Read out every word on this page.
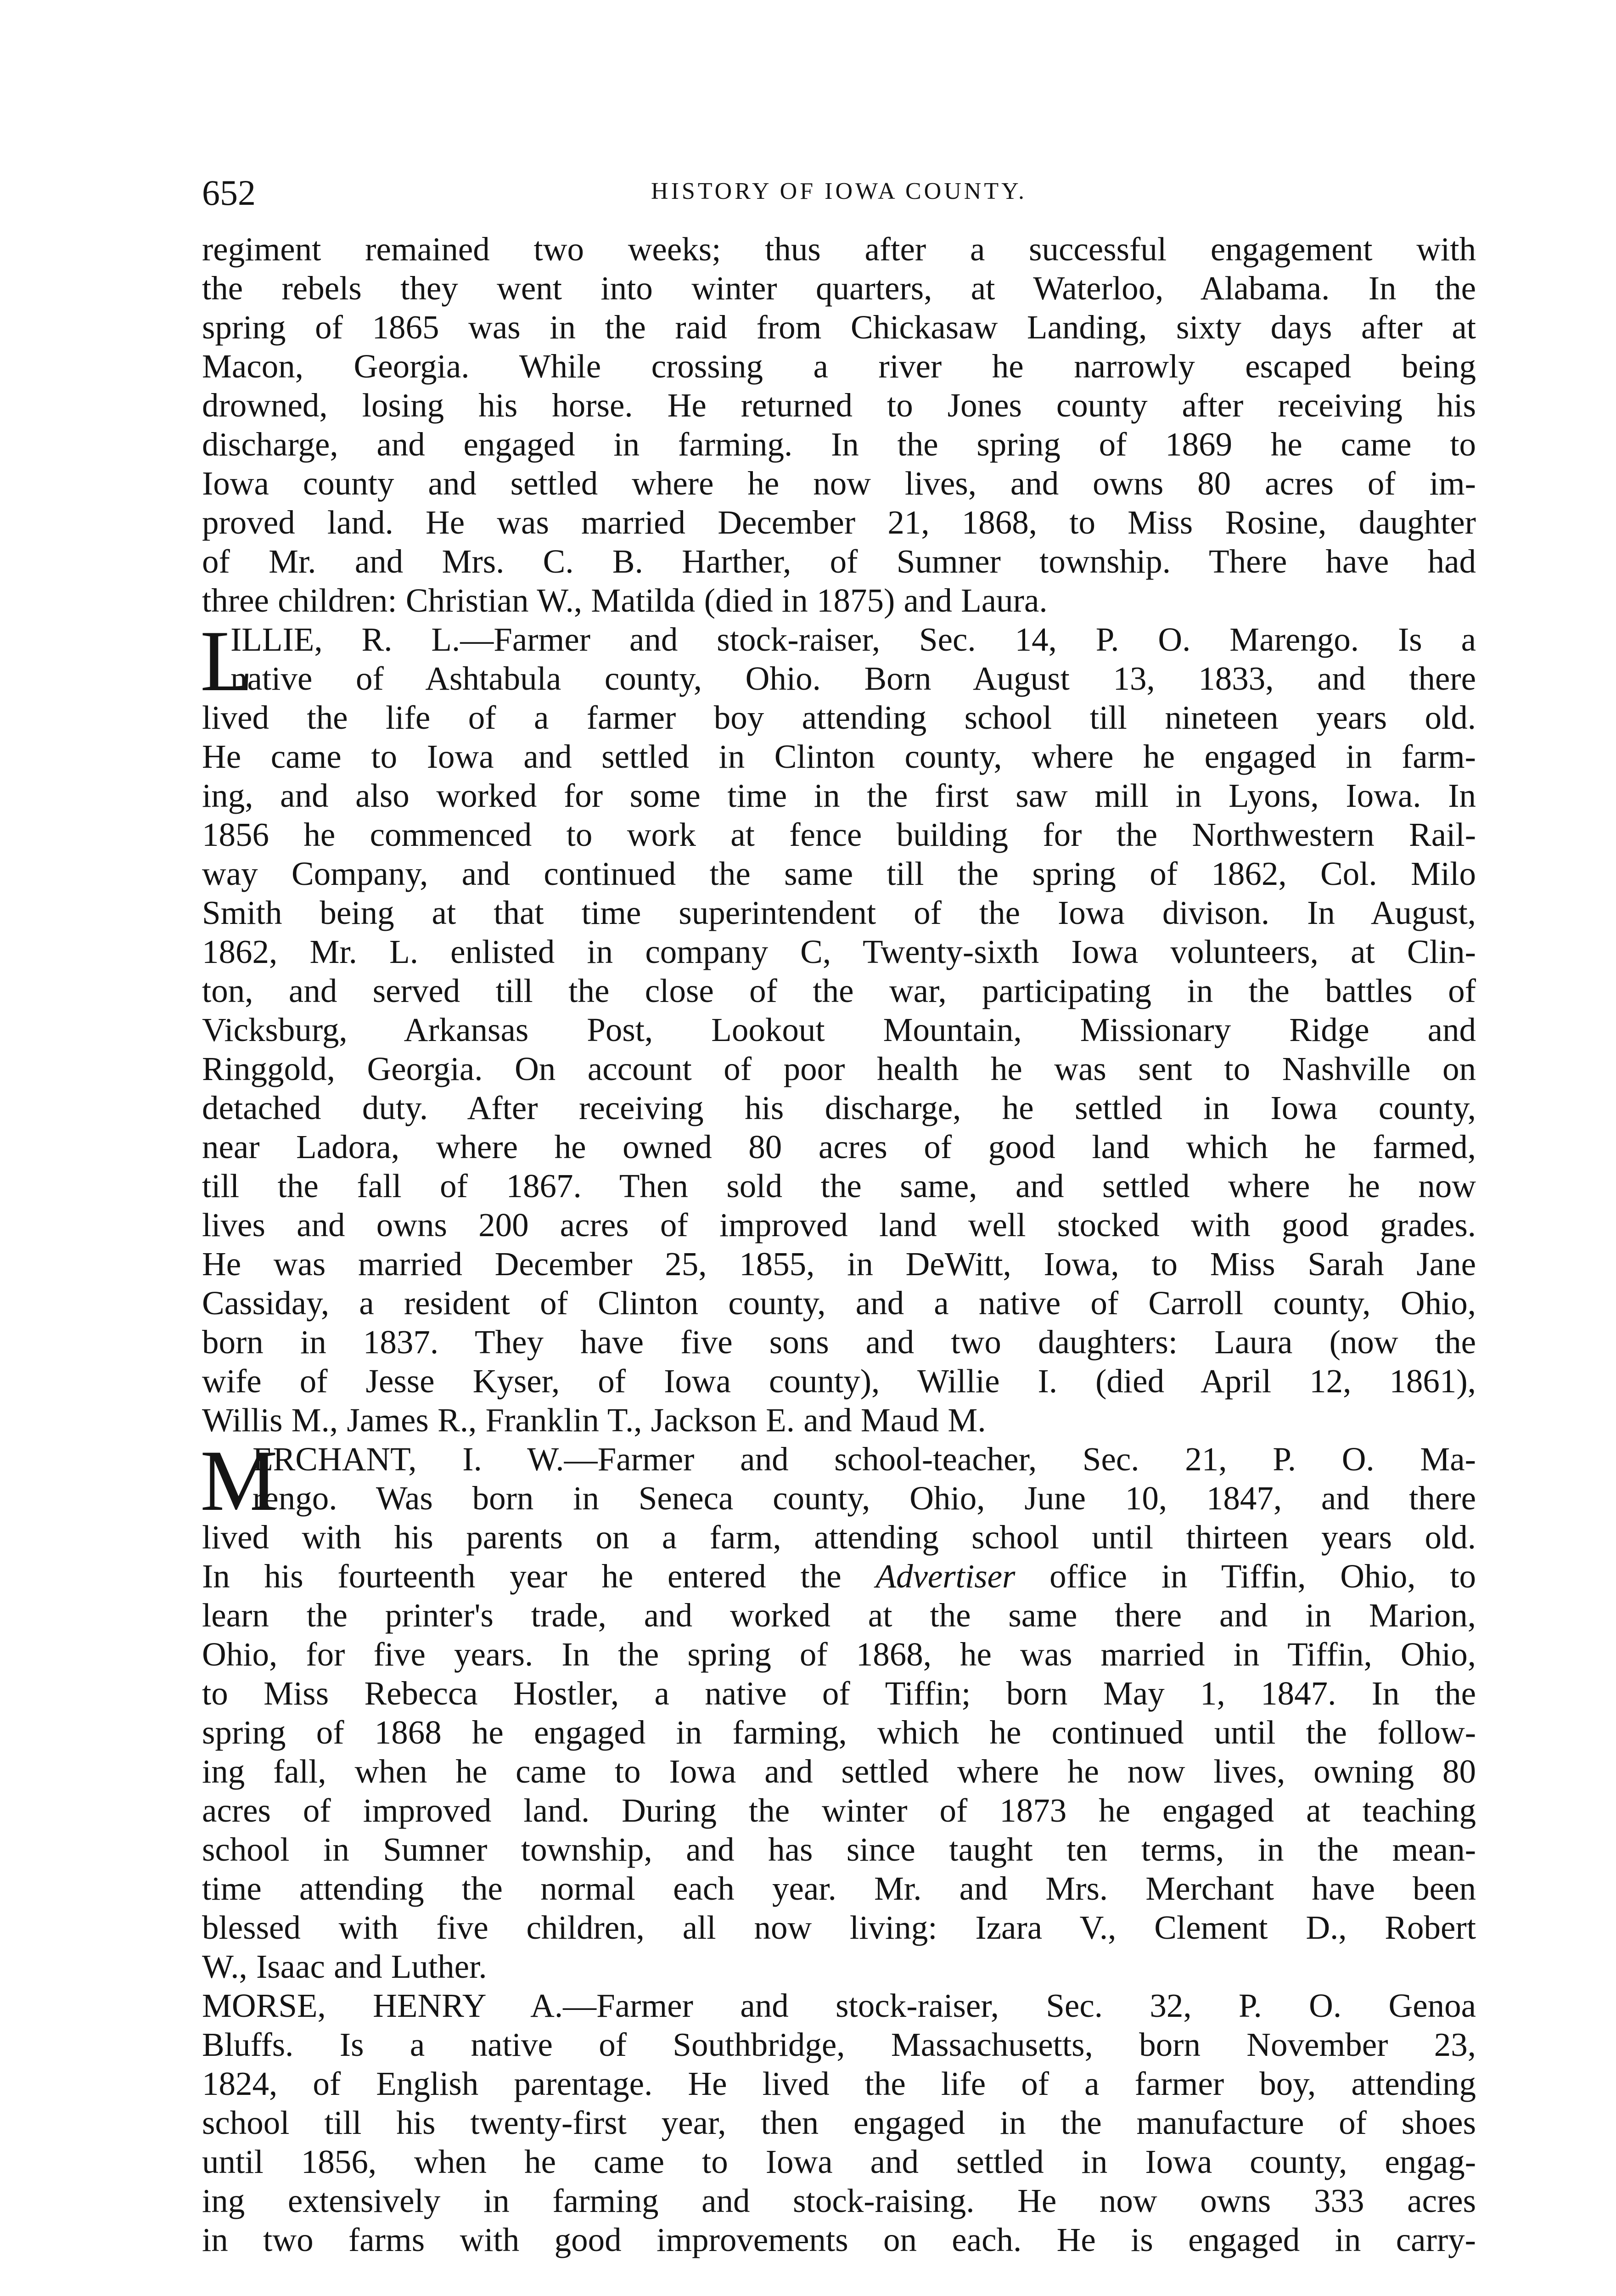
652	HISTORY OF IOWA COUNTY.
regiment remained two weeks; thus after a successful engagement with
the rebels they went into winter quarters, at Waterloo, Alabama. In the
spring of 1865 was in the raid from Chickasaw Landing, sixty days after at
Macon, Georgia. While crossing a river he narrowly escaped being
drowned, losing his horse. He returned to Jones county after receiving his
discharge, and engaged in farming. In the spring of 1869 he came to
Iowa county and settled where he now lives, and owns 80 acres of im-
proved land. He was married December 21, 1868, to Miss Rosine, daughter
of Mr. and Mrs. C. B. Harther, of Sumner township. There have had
three children: Christian W., Matilda (died in 1875) and Laura.
L
ILLIE, R. L.—Farmer and stock-raiser, Sec. 14, P. O. Marengo. Is a
native of Ashtabula county, Ohio. Born August 13, 1833, and there
lived the life of a farmer boy attending school till nineteen years old.
He came to Iowa and settled in Clinton county, where he engaged in farm-
ing, and also worked for some time in the first saw mill in Lyons, Iowa. In
1856 he commenced to work at fence building for the Northwestern Rail-
way Company, and continued the same till the spring of 1862, Col. Milo
Smith being at that time superintendent of the Iowa divison. In August,
1862, Mr. L. enlisted in company C, Twenty-sixth Iowa volunteers, at Clin-
ton, and served till the close of the war, participating in the battles of
Vicksburg, Arkansas Post, Lookout Mountain, Missionary Ridge and
Ringgold, Georgia. On account of poor health he was sent to Nashville on
detached duty. After receiving his discharge, he settled in Iowa county,
near Ladora, where he owned 80 acres of good land which he farmed,
till the fall of 1867. Then sold the same, and settled where he now
lives and owns 200 acres of improved land well stocked with good grades.
He was married December 25, 1855, in DeWitt, Iowa, to Miss Sarah Jane
Cassiday, a resident of Clinton county, and a native of Carroll county, Ohio,
born in 1837. They have five sons and two daughters: Laura (now the
wife of Jesse Kyser, of Iowa county), Willie I. (died April 12, 1861),
Willis M., James R., Franklin T., Jackson E. and Maud M.
M
ERCHANT, I. W.—Farmer and school-teacher, Sec. 21, P. O. Ma-
rengo. Was born in Seneca county, Ohio, June 10, 1847, and there
lived with his parents on a farm, attending school until thirteen years old.
In his fourteenth year he entered the Advertiser office in Tiffin, Ohio, to
learn the printer's trade, and worked at the same there and in Marion,
Ohio, for five years. In the spring of 1868, he was married in Tiffin, Ohio,
to Miss Rebecca Hostler, a native of Tiffin; born May 1, 1847. In the
spring of 1868 he engaged in farming, which he continued until the follow-
ing fall, when he came to Iowa and settled where he now lives, owning 80
acres of improved land. During the winter of 1873 he engaged at teaching
school in Sumner township, and has since taught ten terms, in the mean-
time attending the normal each year. Mr. and Mrs. Merchant have been
blessed with five children, all now living: Izara V., Clement D., Robert
W., Isaac and Luther.
MORSE, HENRY A.—Farmer and stock-raiser, Sec. 32, P. O. Genoa
Bluffs. Is a native of Southbridge, Massachusetts, born November 23,
1824, of English parentage. He lived the life of a farmer boy, attending
school till his twenty-first year, then engaged in the manufacture of shoes
until 1856, when he came to Iowa and settled in Iowa county, engag-
ing extensively in farming and stock-raising. He now owns 333 acres
in two farms with good improvements on each. He is engaged in carry-
